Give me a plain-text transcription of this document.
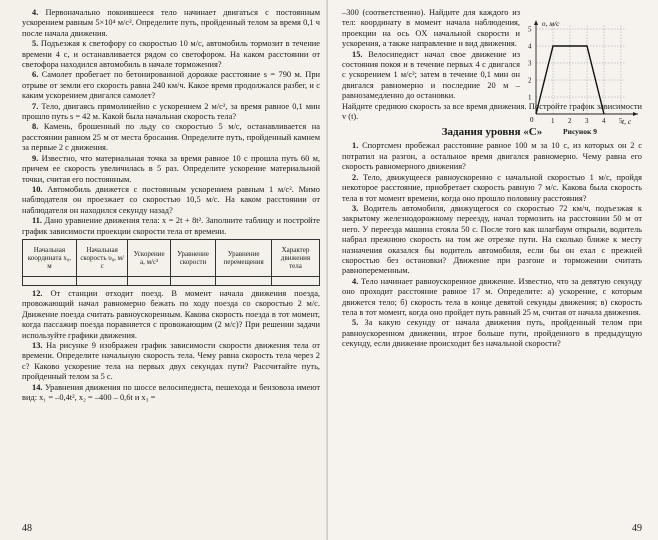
4. Первоначально покоившееся тело начинает двигаться с постоянным ускорением равным 5×10⁴ м/с². Определите путь, пройденный телом за время 0,1 ч после начала движения.

5. Подъезжая к светофору со скоростью 10 м/с, автомобиль тормозит в течение времени 4 с, и останавливается рядом со светофором. На каком расстоянии от светофора находился автомобиль в начале торможения?

6. Самолет пробегает по бетонированной дорожке расстояние s = 790 м. При отрыве от земли его скорость равна 240 км/ч. Какое время продолжался разбег, и с каким ускорением двигался самолет?

7. Тело, двигаясь прямолинейно с ускорением 2 м/с², за время равное 0,1 мин прошло путь s = 42 м. Какой была начальная скорость тела?

8. Камень, брошенный по льду со скоростью 5 м/с, останавливается на расстоянии равном 25 м от места бросания. Определите путь, пройденный камнем за первые 2 с движения.

9. Известно, что материальная точка за время равное 10 с прошла путь 60 м, причем ее скорость увеличилась в 5 раз. Определите ускорение материальной точки, считая его постоянным.

10. Автомобиль движется с постоянным ускорением равным 1 м/с². Мимо наблюдателя он проезжает со скоростью 10,5 м/с. На каком расстоянии от наблюдателя он находился секунду назад?

11. Дано уравнение движения тела: x = 2t + 8t². Заполните таблицу и постройте график зависимости проекции скорости тела от времени.

Начальная координата x₀, м	Начальная скорость υ₀, м/с	Ускорение a, м/с²	Уравнение скорости	Уравнение перемещения	Характер движения тела

12. От станции отходит поезд. В момент начала движения поезда, провожающий начал равномерно бежать по ходу поезда со скоростью 2 м/с. Движение поезда считать равноускоренным. Какова скорость поезда в тот момент, когда пассажир поезда поравняется с провожающим (2 м/с)? При решении задачи используйте графики движения.

13. На рисунке 9 изображен график зависимости скорости движения тела от времени. Определите начальную скорость тела. Чему равна скорость тела через 2 с? Каково ускорение тела на первых двух секундах пути? Рассчитайте путь, пройденный телом за 5 с.

14. Уравнения движения по шоссе велосипедиста, пешехода и бензовоза имеют вид: x₁ = –0,4t², x₂ = –400 – 0,6t и x₃ =

48

–300 (соответственно). Найдите для каждого из тел: координату в момент начала наблюдения, проекции на ось OX начальной скорости и ускорения, а также направление и вид движения.

15. Велосипедист начал свое движение из состояния покоя и в течение первых 4 с двигался с ускорением 1 м/с²; затем в течение 0,1 мин он двигался равномерно и последние 20 м – равнозамедленно до остановки.

Найдите среднюю скорость за все время движения. Постройте график зависимости v (t).

1
2
3
4
5
1 2 3 4 5
υ, м/с
t, с
0
Рисунок 9
Задания уровня «С»

1. Спортсмен пробежал расстояние равное 100 м за 10 с, из которых он 2 с потратил на разгон, а остальное время двигался равномерно. Чему равна его скорость равномерного движения?

2. Тело, движущееся равноускоренно с начальной скоростью 1 м/с, пройдя некоторое расстояние, приобретает скорость равную 7 м/с. Какова была скорость тела в тот момент времени, когда оно прошло половину расстояния?

3. Водитель автомобиля, движущегося со скоростью 72 км/ч, подъезжая к закрытому железнодорожному переезду, начал тормозить на расстоянии 50 м от него. У переезда машина стояла 50 с. После того как шлагбаум открыли, водитель набрал прежнюю скорость на том же отрезке пути. На сколько ближе к месту назначения оказался бы водитель автомобиля, если бы он ехал с прежней скоростью без остановки? Движение при разгоне и торможении считать равнопеременным.

4. Тело начинает равноускоренное движение. Известно, что за девятую секунду оно проходит расстояние равное 17 м. Определите: а) ускорение, с которым движется тело; б) скорость тела в конце девятой секунды движения; в) скорость тела в тот момент, когда оно пройдет путь равный 25 м, считая от начала движения.

5. За какую секунду от начала движения путь, пройденный телом при равноускоренном движении, втрое больше пути, пройденного в предыдущую секунду, если движение происходит без начальной скорости?

49
